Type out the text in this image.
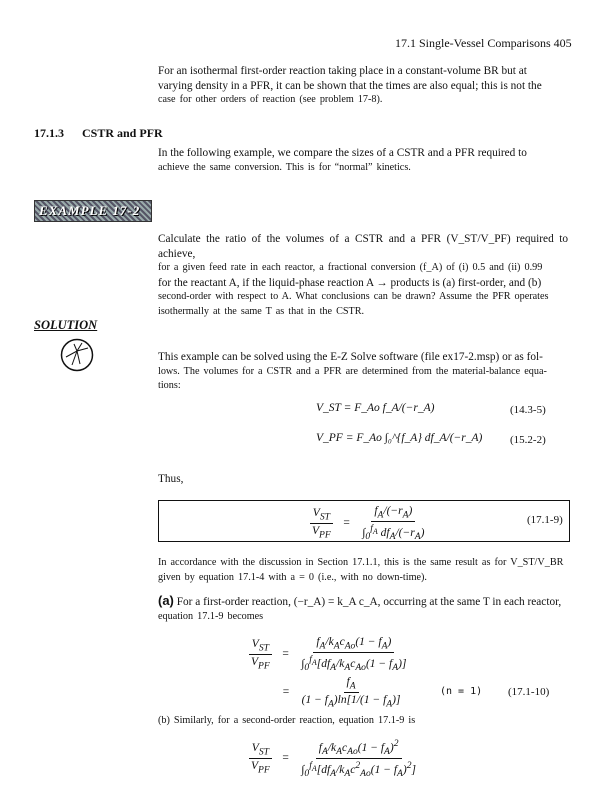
17.1 Single-Vessel Comparisons 405
For an isothermal first-order reaction taking place in a constant-volume BR but at
varying density in a PFR, it can be shown that the times are also equal; this is not the
case for other orders of reaction (see problem 17-8).
17.1.3 CSTR and PFR
In the following example, we compare the sizes of a CSTR and a PFR required to
achieve the same conversion. This is for “normal” kinetics.
EXAMPLE 17-2
Calculate the ratio of the volumes of a CSTR and a PFR (V_ST/V_PF) required to achieve,
for a given feed rate in each reactor, a fractional conversion (f_A) of (i) 0.5 and (ii) 0.99
for the reactant A, if the liquid-phase reaction A → products is (a) first-order, and (b)
second-order with respect to A. What conclusions can be drawn? Assume the PFR operates
isothermally at the same T as that in the CSTR.
SOLUTION
This example can be solved using the E-Z Solve software (file ex17-2.msp) or as fol-
lows. The volumes for a CSTR and a PFR are determined from the material-balance equa-
tions:
V_ST = F_Ao f_A/(−r_A)	(14.3-5)
V_PF = F_Ao ∫₀^{f_A} df_A/(−r_A)	(15.2-2)
Thus,
$\frac{V_{ST}}{V_{PF}} = \frac{f_A/(-r_A)}{\int_0^{f_A} df_A/(-r_A)}$	(17.1-9)
In accordance with the discussion in Section 17.1.1, this is the same result as for V_ST/V_BR
given by equation 17.1-4 with a = 0 (i.e., with no down-time).
(a) For a first-order reaction, (−r_A) = k_A c_A, occurring at the same T in each reactor,
equation 17.1-9 becomes
$\frac{V_{ST}}{V_{PF}} = \frac{f_A/k_Ac_{Ao}(1 - f_A)}{\int_0^{f_A}[df_A/k_Ac_{Ao}(1 - f_A)]}$
= $\frac{f_A}{(1 - f_A)\ln[1/(1 - f_A)]}$	(n = 1) (17.1-10)
(b) Similarly, for a second-order reaction, equation 17.1-9 is
$\frac{V_{ST}}{V_{PF}} = \frac{f_A/k_Ac_{Ao}(1 - f_A)^2}{\int_0^{f_A}[df_A/k_Ac^2_{Ao}(1 - f_A)^2]}$
